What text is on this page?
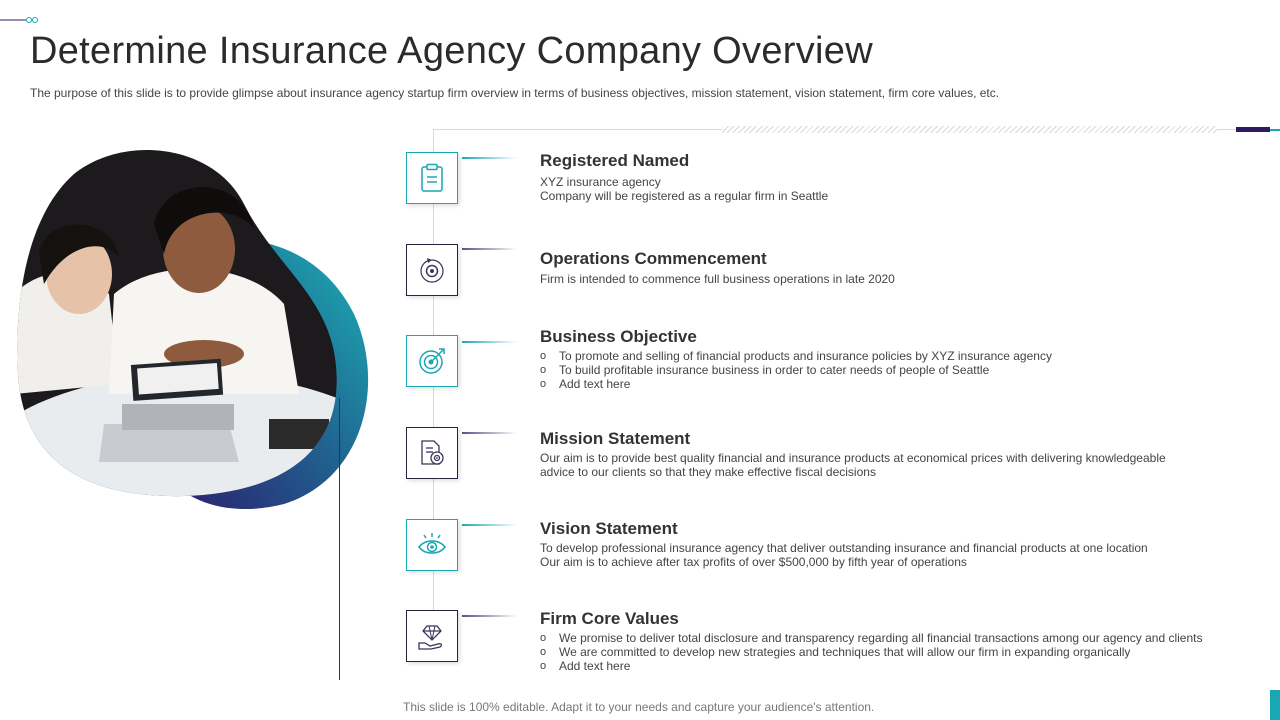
Determine Insurance Agency Company Overview
The purpose of this slide is to provide glimpse about insurance agency startup firm overview in terms of business objectives, mission statement, vision statement, firm core values, etc.
Registered Named
XYZ insurance agency
Company will be registered as a regular firm in Seattle
Operations Commencement
Firm is intended to commence full business operations in late 2020
Business Objective
o To promote and selling of financial products and insurance policies by XYZ insurance agency
o To build profitable insurance business in order to cater needs of people of Seattle
o Add text here
Mission Statement
Our aim is to provide best quality financial and insurance products at economical prices with delivering knowledgeable
advice to our clients so that they make effective fiscal decisions
Vision Statement
To develop professional insurance agency that deliver outstanding insurance and financial products at one location
Our aim is to achieve after tax profits of over $500,000 by fifth year of operations
Firm Core Values
o We promise to deliver total disclosure and transparency regarding all financial transactions among our agency and clients
o We are committed to develop new strategies and techniques that will allow our firm in expanding organically
o Add text here
This slide is 100% editable. Adapt it to your needs and capture your audience's attention.
